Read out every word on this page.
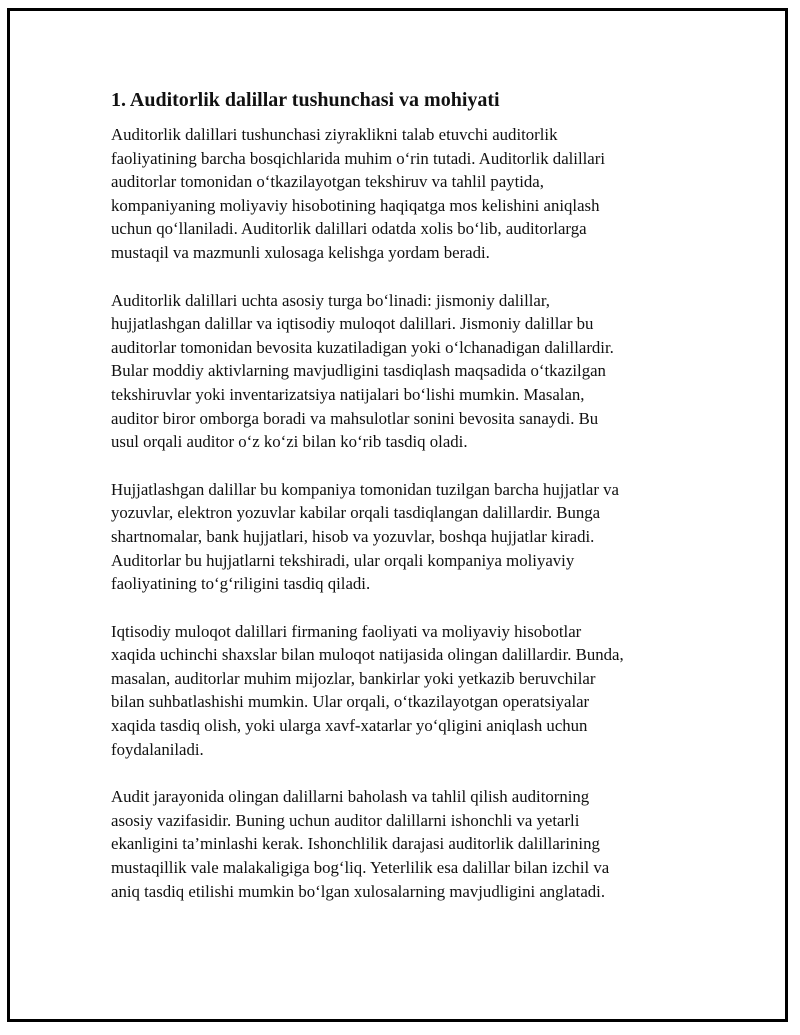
1. Auditorlik dalillar tushunchasi va mohiyati
Auditorlik dalillari tushunchasi ziyraklikni talab etuvchi auditorlik
faoliyatining barcha bosqichlarida muhim o‘rin tutadi. Auditorlik dalillari
auditorlar tomonidan o‘tkazilayotgan tekshiruv va tahlil paytida,
kompaniyaning moliyaviy hisobotining haqiqatga mos kelishini aniqlash
uchun qo‘llaniladi. Auditorlik dalillari odatda xolis bo‘lib, auditorlarga
mustaqil va mazmunli xulosaga kelishga yordam beradi.
Auditorlik dalillari uchta asosiy turga bo‘linadi: jismoniy dalillar,
hujjatlashgan dalillar va iqtisodiy muloqot dalillari. Jismoniy dalillar bu
auditorlar tomonidan bevosita kuzatiladigan yoki o‘lchanadigan dalillardir.
Bular moddiy aktivlarning mavjudligini tasdiqlash maqsadida o‘tkazilgan
tekshiruvlar yoki inventarizatsiya natijalari bo‘lishi mumkin. Masalan,
auditor biror omborga boradi va mahsulotlar sonini bevosita sanaydi. Bu
usul orqali auditor o‘z ko‘zi bilan ko‘rib tasdiq oladi.
Hujjatlashgan dalillar bu kompaniya tomonidan tuzilgan barcha hujjatlar va
yozuvlar, elektron yozuvlar kabilar orqali tasdiqlangan dalillardir. Bunga
shartnomalar, bank hujjatlari, hisob va yozuvlar, boshqa hujjatlar kiradi.
Auditorlar bu hujjatlarni tekshiradi, ular orqali kompaniya moliyaviy
faoliyatining to‘g‘riligini tasdiq qiladi.
Iqtisodiy muloqot dalillari firmaning faoliyati va moliyaviy hisobotlar
xaqida uchinchi shaxslar bilan muloqot natijasida olingan dalillardir. Bunda,
masalan, auditorlar muhim mijozlar, bankirlar yoki yetkazib beruvchilar
bilan suhbatlashishi mumkin. Ular orqali, o‘tkazilayotgan operatsiyalar
xaqida tasdiq olish, yoki ularga xavf-xatarlar yo‘qligini aniqlash uchun
foydalaniladi.
Audit jarayonida olingan dalillarni baholash va tahlil qilish auditorning
asosiy vazifasidir. Buning uchun auditor dalillarni ishonchli va yetarli
ekanligini ta’minlashi kerak. Ishonchlilik darajasi auditorlik dalillarining
mustaqillik vale malakaligiga bog‘liq. Yeterlilik esa dalillar bilan izchil va
aniq tasdiq etilishi mumkin bo‘lgan xulosalarning mavjudligini anglatadi.
